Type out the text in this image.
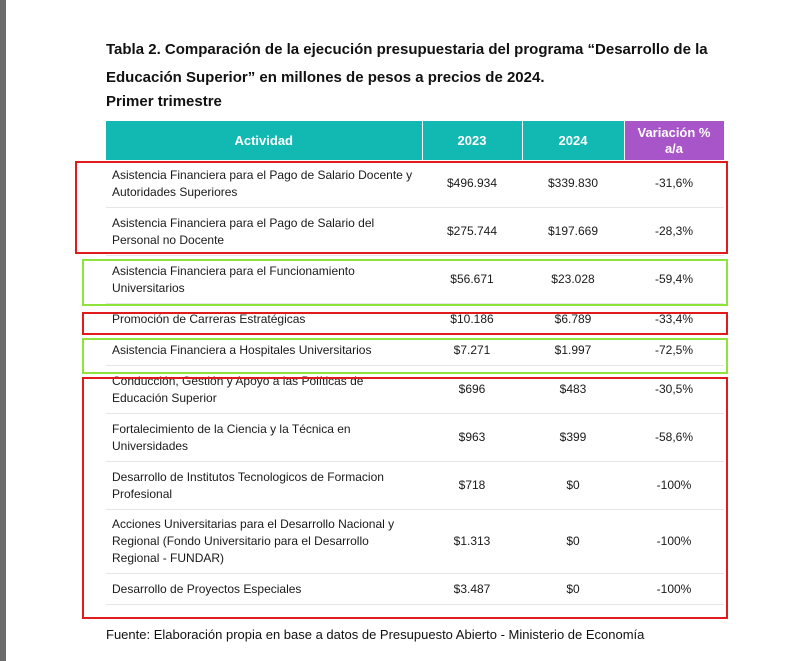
Tabla 2. Comparación de la ejecución presupuestaria del programa “Desarrollo de la Educación Superior” en millones de pesos a precios de 2024.
Primer trimestre
Actividad	2023	2024	Variación % a/a
Asistencia Financiera para el Pago de Salario Docente y Autoridades Superiores	$496.934	$339.830	-31,6%
Asistencia Financiera para el Pago de Salario del Personal no Docente	$275.744	$197.669	-28,3%
Asistencia Financiera para el Funcionamiento Universitarios	$56.671	$23.028	-59,4%
Promoción de Carreras Estratégicas	$10.186	$6.789	-33,4%
Asistencia Financiera a Hospitales Universitarios	$7.271	$1.997	-72,5%
Conducción, Gestión y Apoyo a las Políticas de Educación Superior	$696	$483	-30,5%
Fortalecimiento de la Ciencia y la Técnica en Universidades	$963	$399	-58,6%
Desarrollo de Institutos Tecnologicos de Formacion Profesional	$718	$0	-100%
Acciones Universitarias para el Desarrollo Nacional y Regional (Fondo Universitario para el Desarrollo Regional - FUNDAR)	$1.313	$0	-100%
Desarrollo de Proyectos Especiales	$3.487	$0	-100%
Fuente: Elaboración propia en base a datos de Presupuesto Abierto - Ministerio de Economía
